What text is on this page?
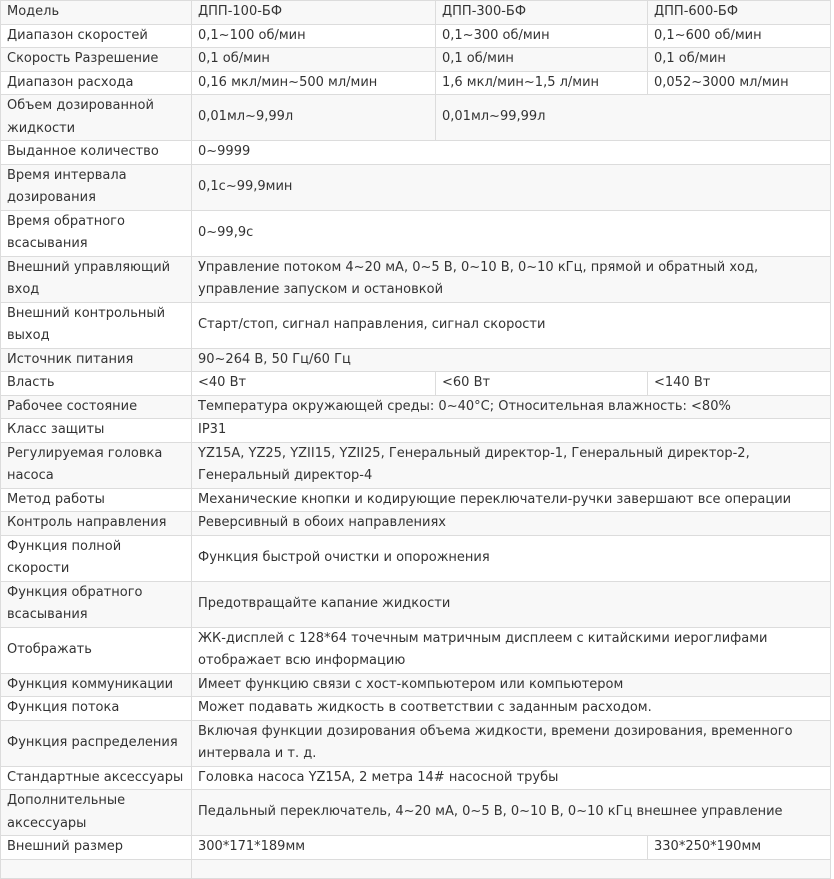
Модель	ДПП-100-БФ	ДПП-300-БФ	ДПП-600-БФ
Диапазон скоростей	0,1~100 об/мин	0,1~300 об/мин	0,1~600 об/мин
Скорость Разрешение	0,1 об/мин	0,1 об/мин	0,1 об/мин
Диапазон расхода	0,16 мкл/мин~500 мл/мин	1,6 мкл/мин~1,5 л/мин	0,052~3000 мл/мин
Объем дозированной жидкости	0,01мл~9,99л	0,01мл~99,99л	
Выданное количество	0~9999		
Время интервала дозирования	0,1с~99,9мин		
Время обратного всасывания	0~99,9с		
Внешний управляющий вход	Управление потоком 4~20 мА, 0~5 В, 0~10 В, 0~10 кГц, прямой и обратный ход, управление запуском и остановкой		
Внешний контрольный выход	Старт/стоп, сигнал направления, сигнал скорости		
Источник питания	90~264 В, 50 Гц/60 Гц		
Власть	<40 Вт	<60 Вт	<140 Вт
Рабочее состояние	Температура окружающей среды: 0~40°C; Относительная влажность: <80%		
Класс защиты	IP31		
Регулируемая головка насоса	YZ15A, YZ25, YZII15, YZII25, Генеральный директор-1, Генеральный директор-2, Генеральный директор-4		
Метод работы	Механические кнопки и кодирующие переключатели-ручки завершают все операции		
Контроль направления	Реверсивный в обоих направлениях		
Функция полной скорости	Функция быстрой очистки и опорожнения		
Функция обратного всасывания	Предотвращайте капание жидкости		
Отображать	ЖК-дисплей с 128*64 точечным матричным дисплеем с китайскими иероглифами отображает всю информацию		
Функция коммуникации	Имеет функцию связи с хост-компьютером или компьютером		
Функция потока	Может подавать жидкость в соответствии с заданным расходом.		
Функция распределения	Включая функции дозирования объема жидкости, времени дозирования, временного интервала и т. д.		
Стандартные аксессуары	Головка насоса YZ15A, 2 метра 14# насосной трубы		
Дополнительные аксессуары	Педальный переключатель, 4~20 мА, 0~5 В, 0~10 В, 0~10 кГц внешнее управление		
Внешний размер	300*171*189мм		330*250*190мм
